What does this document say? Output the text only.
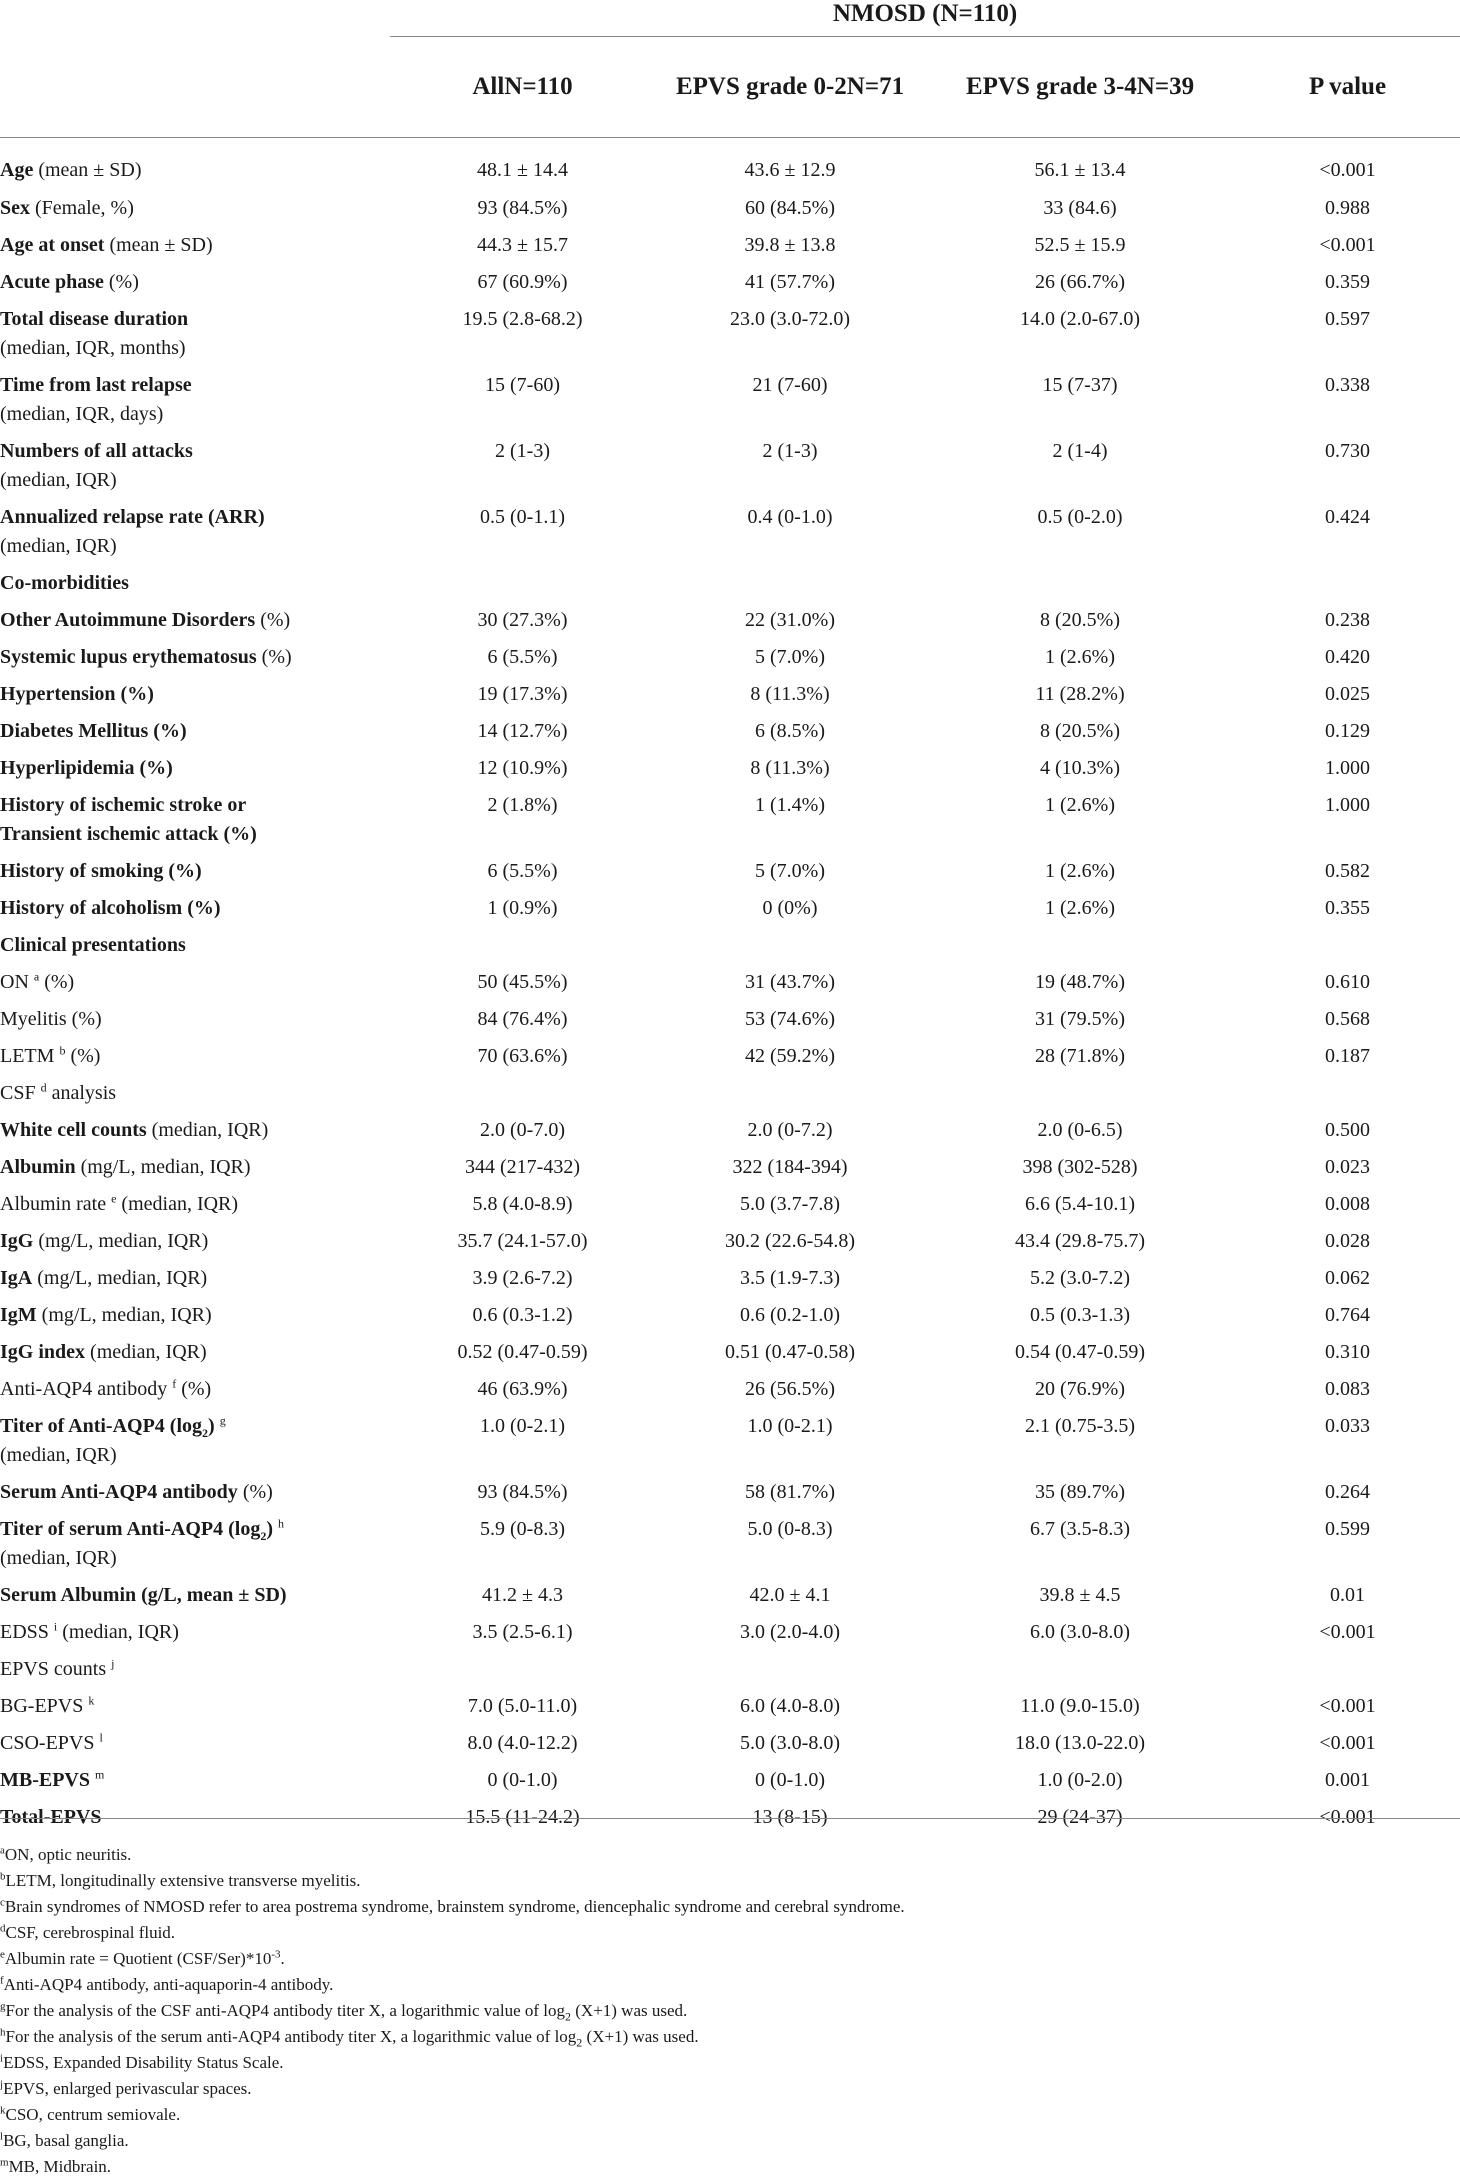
	NMOSD (N=110)			
	AllN=110	EPVS grade 0-2N=71	EPVS grade 3-4N=39	P value
Age (mean ± SD)	48.1 ± 14.4	43.6 ± 12.9	56.1 ± 13.4	<0.001
Sex (Female, %)	93 (84.5%)	60 (84.5%)	33 (84.6)	0.988
Age at onset (mean ± SD)	44.3 ± 15.7	39.8 ± 13.8	52.5 ± 15.9	<0.001
Acute phase (%)	67 (60.9%)	41 (57.7%)	26 (66.7%)	0.359
Total disease duration
(median, IQR, months)	19.5 (2.8-68.2)	23.0 (3.0-72.0)	14.0 (2.0-67.0)	0.597
Time from last relapse
(median, IQR, days)	15 (7-60)	21 (7-60)	15 (7-37)	0.338
Numbers of all attacks
(median, IQR)	2 (1-3)	2 (1-3)	2 (1-4)	0.730
Annualized relapse rate (ARR)
(median, IQR)	0.5 (0-1.1)	0.4 (0-1.0)	0.5 (0-2.0)	0.424
Co-morbidities				
Other Autoimmune Disorders (%)	30 (27.3%)	22 (31.0%)	8 (20.5%)	0.238
Systemic lupus erythematosus (%)	6 (5.5%)	5 (7.0%)	1 (2.6%)	0.420
Hypertension (%)	19 (17.3%)	8 (11.3%)	11 (28.2%)	0.025
Diabetes Mellitus (%)	14 (12.7%)	6 (8.5%)	8 (20.5%)	0.129
Hyperlipidemia (%)	12 (10.9%)	8 (11.3%)	4 (10.3%)	1.000
History of ischemic stroke or
Transient ischemic attack (%)	2 (1.8%)	1 (1.4%)	1 (2.6%)	1.000
History of smoking (%)	6 (5.5%)	5 (7.0%)	1 (2.6%)	0.582
History of alcoholism (%)	1 (0.9%)	0 (0%)	1 (2.6%)	0.355
Clinical presentations				
ON $^a$ (%)	50 (45.5%)	31 (43.7%)	19 (48.7%)	0.610
Myelitis (%)	84 (76.4%)	53 (74.6%)	31 (79.5%)	0.568
LETM $^b$ (%)	70 (63.6%)	42 (59.2%)	28 (71.8%)	0.187
CSF $^d$ analysis				
White cell counts (median, IQR)	2.0 (0-7.0)	2.0 (0-7.2)	2.0 (0-6.5)	0.500
Albumin (mg/L, median, IQR)	344 (217-432)	322 (184-394)	398 (302-528)	0.023
Albumin rate $^e$ (median, IQR)	5.8 (4.0-8.9)	5.0 (3.7-7.8)	6.6 (5.4-10.1)	0.008
IgG (mg/L, median, IQR)	35.7 (24.1-57.0)	30.2 (22.6-54.8)	43.4 (29.8-75.7)	0.028
IgA (mg/L, median, IQR)	3.9 (2.6-7.2)	3.5 (1.9-7.3)	5.2 (3.0-7.2)	0.062
IgM (mg/L, median, IQR)	0.6 (0.3-1.2)	0.6 (0.2-1.0)	0.5 (0.3-1.3)	0.764
IgG index (median, IQR)	0.52 (0.47-0.59)	0.51 (0.47-0.58)	0.54 (0.47-0.59)	0.310
Anti-AQP4 antibody $^f$ (%)	46 (63.9%)	26 (56.5%)	20 (76.9%)	0.083
Titer of Anti-AQP4 $(\log_2)$ $^g$
(median, IQR)	1.0 (0-2.1)	1.0 (0-2.1)	2.1 (0.75-3.5)	0.033
Serum Anti-AQP4 antibody (%)	93 (84.5%)	58 (81.7%)	35 (89.7%)	0.264
Titer of serum Anti-AQP4 $(\log_2)$ $^h$
(median, IQR)	5.9 (0-8.3)	5.0 (0-8.3)	6.7 (3.5-8.3)	0.599
Serum Albumin (g/L, mean ± SD)	41.2 ± 4.3	42.0 ± 4.1	39.8 ± 4.5	0.01
EDSS $^i$ (median, IQR)	3.5 (2.5-6.1)	3.0 (2.0-4.0)	6.0 (3.0-8.0)	<0.001
EPVS counts $^j$				
BG-EPVS $^k$	7.0 (5.0-11.0)	6.0 (4.0-8.0)	11.0 (9.0-15.0)	<0.001
CSO-EPVS $^l$	8.0 (4.0-12.2)	5.0 (3.0-8.0)	18.0 (13.0-22.0)	<0.001
MB-EPVS $^m$	0 (0-1.0)	0 (0-1.0)	1.0 (0-2.0)	0.001
Total-EPVS	15.5 (11-24.2)	13 (8-15)	29 (24-37)	<0.001
$^a$ON, optic neuritis.
$^b$LETM, longitudinally extensive transverse myelitis.
$^c$Brain syndromes of NMOSD refer to area postrema syndrome, brainstem syndrome, diencephalic syndrome and cerebral syndrome.
$^d$CSF, cerebrospinal fluid.
$^e$Albumin rate = Quotient $(CSF/Ser)*10^{-3}$.
$^f$Anti-AQP4 antibody, anti-aquaporin-4 antibody.
$^g$For the analysis of the CSF anti-AQP4 antibody titer X, a logarithmic value of $\log_2 (X+1)$ was used.
$^h$For the analysis of the serum anti-AQP4 antibody titer X, a logarithmic value of $\log_2 (X+1)$ was used.
$^i$EDSS, Expanded Disability Status Scale.
$^j$EPVS, enlarged perivascular spaces.
$^k$CSO, centrum semiovale.
$^l$BG, basal ganglia.
$^m$MB, Midbrain.
